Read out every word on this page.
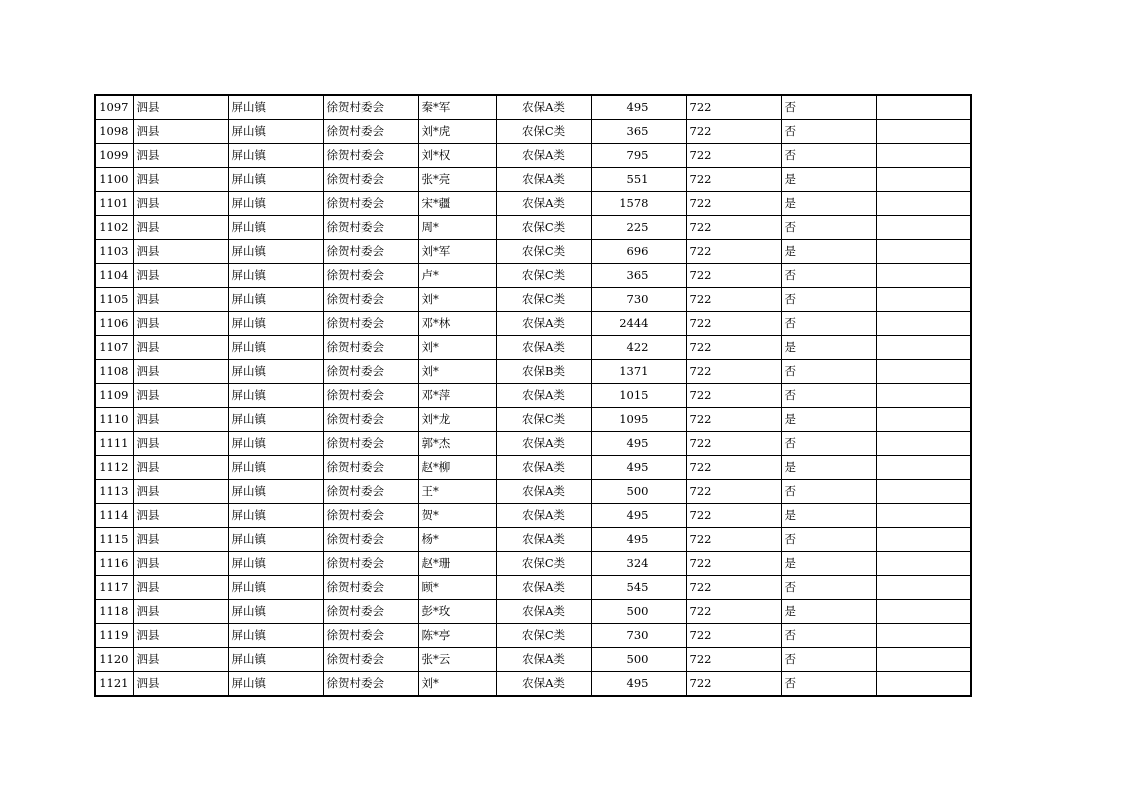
1097	泗县	屏山镇	徐贺村委会	秦*军	农保A类	495	722	否	
1098	泗县	屏山镇	徐贺村委会	刘*虎	农保C类	365	722	否	
1099	泗县	屏山镇	徐贺村委会	刘*权	农保A类	795	722	否	
1100	泗县	屏山镇	徐贺村委会	张*亮	农保A类	551	722	是	
1101	泗县	屏山镇	徐贺村委会	宋*疆	农保A类	1578	722	是	
1102	泗县	屏山镇	徐贺村委会	周*	农保C类	225	722	否	
1103	泗县	屏山镇	徐贺村委会	刘*军	农保C类	696	722	是	
1104	泗县	屏山镇	徐贺村委会	卢*	农保C类	365	722	否	
1105	泗县	屏山镇	徐贺村委会	刘*	农保C类	730	722	否	
1106	泗县	屏山镇	徐贺村委会	邓*林	农保A类	2444	722	否	
1107	泗县	屏山镇	徐贺村委会	刘*	农保A类	422	722	是	
1108	泗县	屏山镇	徐贺村委会	刘*	农保B类	1371	722	否	
1109	泗县	屏山镇	徐贺村委会	邓*萍	农保A类	1015	722	否	
1110	泗县	屏山镇	徐贺村委会	刘*龙	农保C类	1095	722	是	
1111	泗县	屏山镇	徐贺村委会	郭*杰	农保A类	495	722	否	
1112	泗县	屏山镇	徐贺村委会	赵*柳	农保A类	495	722	是	
1113	泗县	屏山镇	徐贺村委会	王*	农保A类	500	722	否	
1114	泗县	屏山镇	徐贺村委会	贺*	农保A类	495	722	是	
1115	泗县	屏山镇	徐贺村委会	杨*	农保A类	495	722	否	
1116	泗县	屏山镇	徐贺村委会	赵*珊	农保C类	324	722	是	
1117	泗县	屏山镇	徐贺村委会	顾*	农保A类	545	722	否	
1118	泗县	屏山镇	徐贺村委会	彭*玫	农保A类	500	722	是	
1119	泗县	屏山镇	徐贺村委会	陈*亭	农保C类	730	722	否	
1120	泗县	屏山镇	徐贺村委会	张*云	农保A类	500	722	否	
1121	泗县	屏山镇	徐贺村委会	刘*	农保A类	495	722	否	
